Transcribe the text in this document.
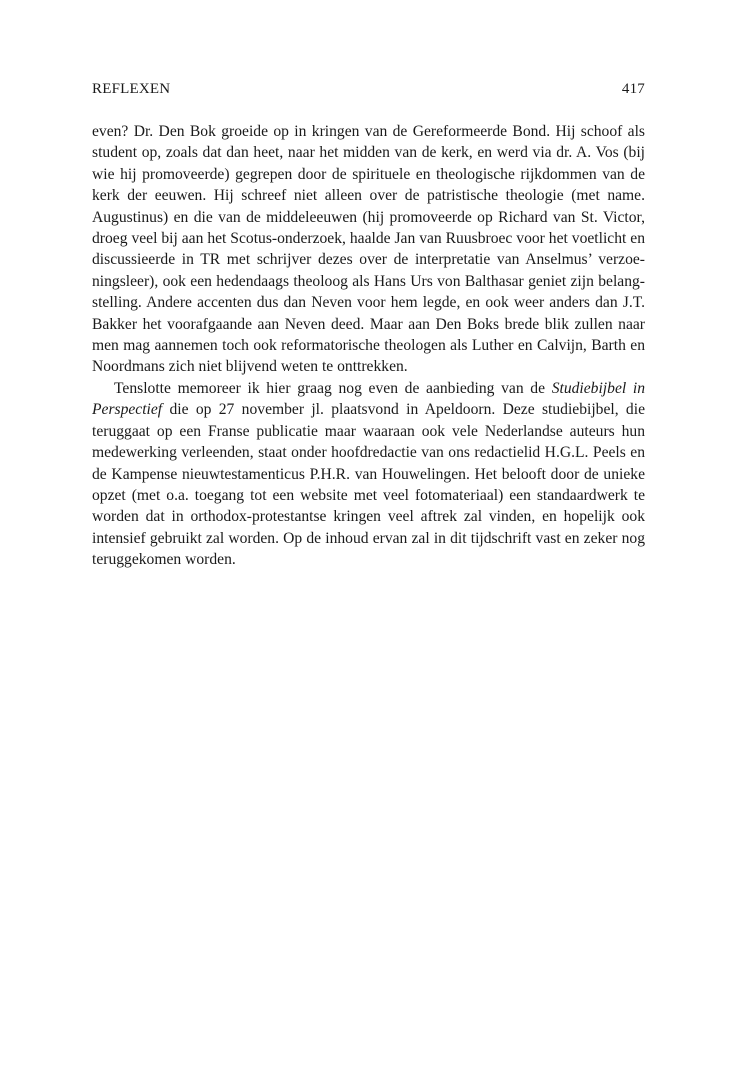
REFLEXEN	417

even? Dr. Den Bok groeide op in kringen van de Gereformeerde Bond. Hij schoof als student op, zoals dat dan heet, naar het midden van de kerk, en werd via dr. A. Vos (bij wie hij promoveerde) gegrepen door de spirituele en theologische rijkdommen van de kerk der eeuwen. Hij schreef niet alleen over de patristische theologie (met name. Augustinus) en die van de middeleeuwen (hij promoveerde op Richard van St. Victor, droeg veel bij aan het Scotus-onderzoek, haalde Jan van Ruusbroec voor het voetlicht en discussieerde in TR met schrijver dezes over de interpretatie van Anselmus’ verzoeningsleer), ook een hedendaags theoloog als Hans Urs von Balthasar geniet zijn belangstelling. Andere accenten dus dan Neven voor hem legde, en ook weer anders dan J.T. Bakker het voorafgaande aan Neven deed. Maar aan Den Boks brede blik zullen naar men mag aannemen toch ook reformatorische theologen als Luther en Calvijn, Barth en Noordmans zich niet blijvend weten te onttrekken.

Tenslotte memoreer ik hier graag nog even de aanbieding van de Studiebijbel in Perspectief die op 27 november jl. plaatsvond in Apeldoorn. Deze studiebijbel, die teruggaat op een Franse publicatie maar waaraan ook vele Nederlandse auteurs hun medewerking verleenden, staat onder hoofdredactie van ons redactielid H.G.L. Peels en de Kampense nieuwtestamenticus P.H.R. van Houwelingen. Het belooft door de unieke opzet (met o.a. toegang tot een website met veel fotomateriaal) een standaardwerk te worden dat in orthodox-protestantse kringen veel aftrek zal vinden, en hopelijk ook intensief gebruikt zal worden. Op de inhoud ervan zal in dit tijdschrift vast en zeker nog teruggekomen worden.
